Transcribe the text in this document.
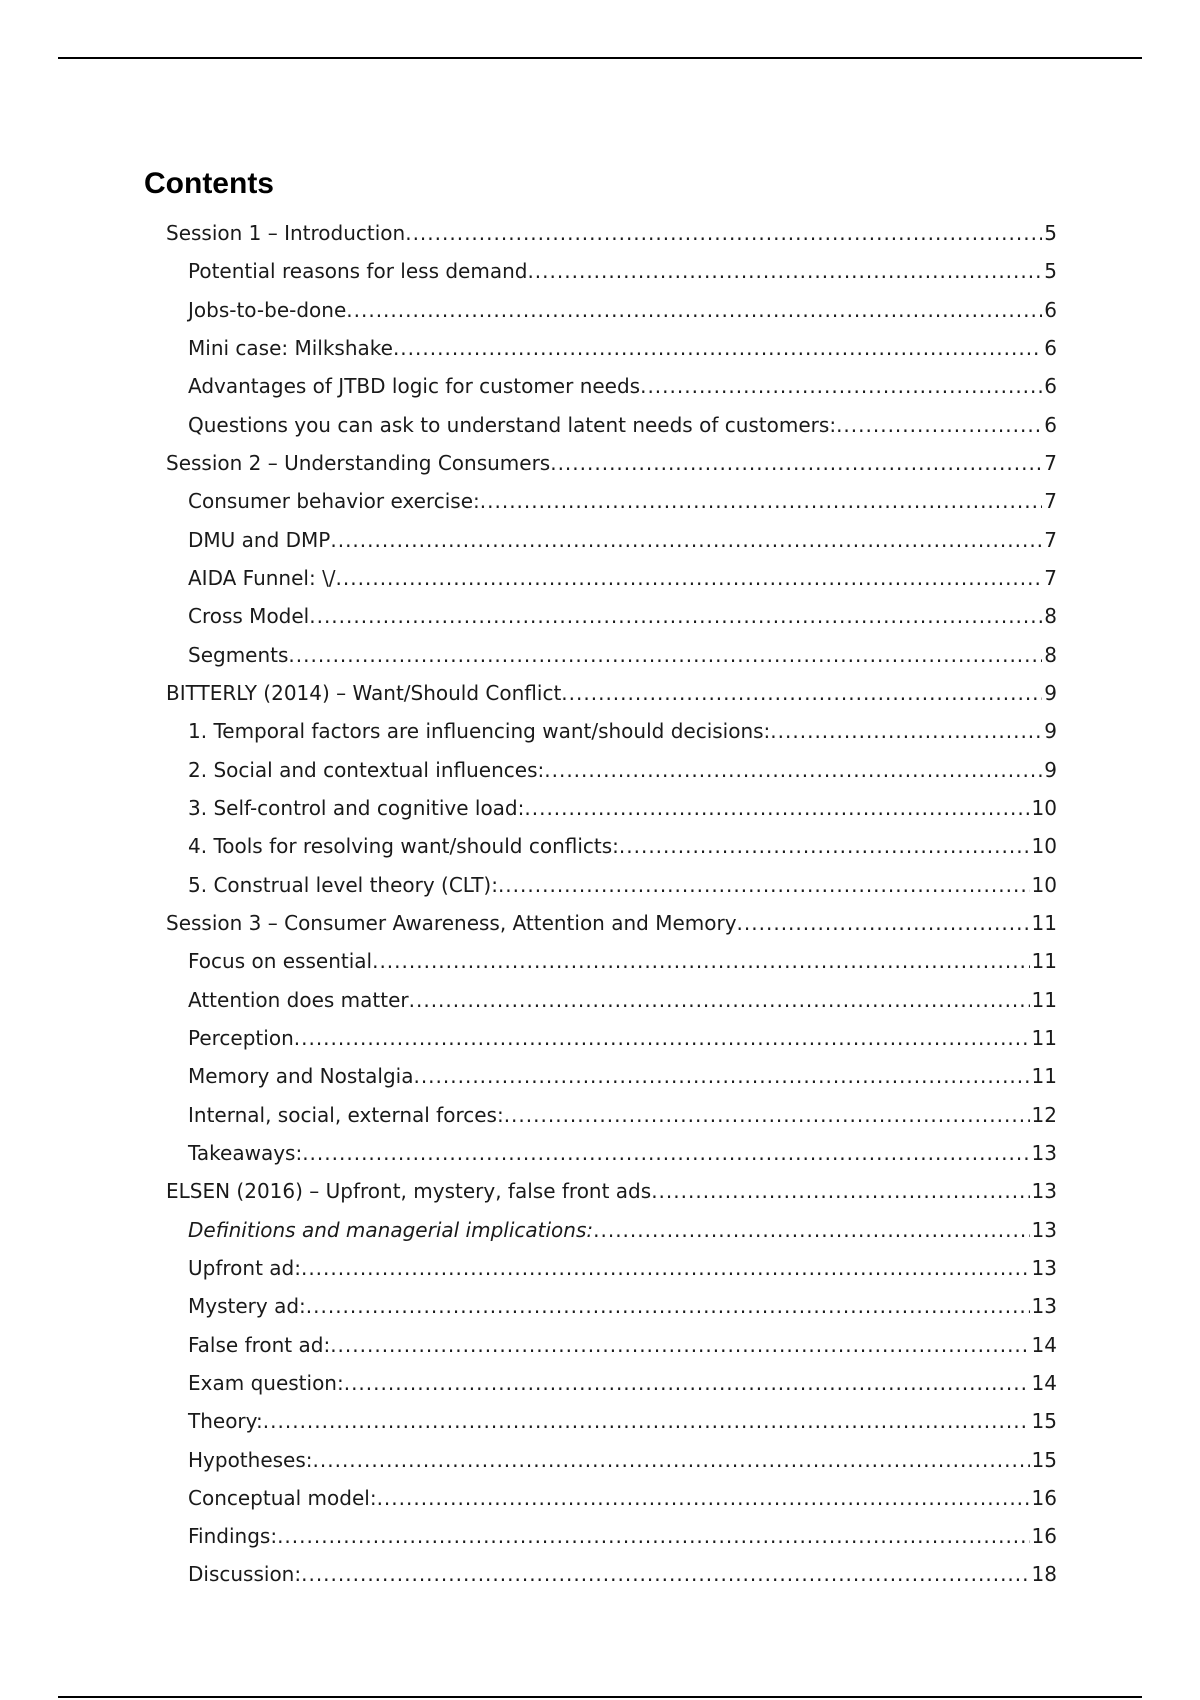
Contents
Session 1 – Introduction .....	5
Potential reasons for less demand .....	5
Jobs-to-be-done .....	6
Mini case: Milkshake .....	6
Advantages of JTBD logic for customer needs .....	6
Questions you can ask to understand latent needs of customers: .....	6
Session 2 – Understanding Consumers .....	7
Consumer behavior exercise: .....	7
DMU and DMP .....	7
AIDA Funnel: \/ .....	7
Cross Model .....	8
Segments .....	8
BITTERLY (2014) – Want/Should Conflict .....	9
1. Temporal factors are influencing want/should decisions: .....	9
2. Social and contextual influences: .....	9
3. Self-control and cognitive load: .....	10
4. Tools for resolving want/should conflicts: .....	10
5. Construal level theory (CLT): .....	10
Session 3 – Consumer Awareness, Attention and Memory .....	11
Focus on essential .....	11
Attention does matter .....	11
Perception .....	11
Memory and Nostalgia .....	11
Internal, social, external forces: .....	12
Takeaways: .....	13
ELSEN (2016) – Upfront, mystery, false front ads .....	13
Definitions and managerial implications: .....	13
Upfront ad: .....	13
Mystery ad: .....	13
False front ad: .....	14
Exam question: .....	14
Theory: .....	15
Hypotheses: .....	15
Conceptual model: .....	16
Findings: .....	16
Discussion: .....	18
